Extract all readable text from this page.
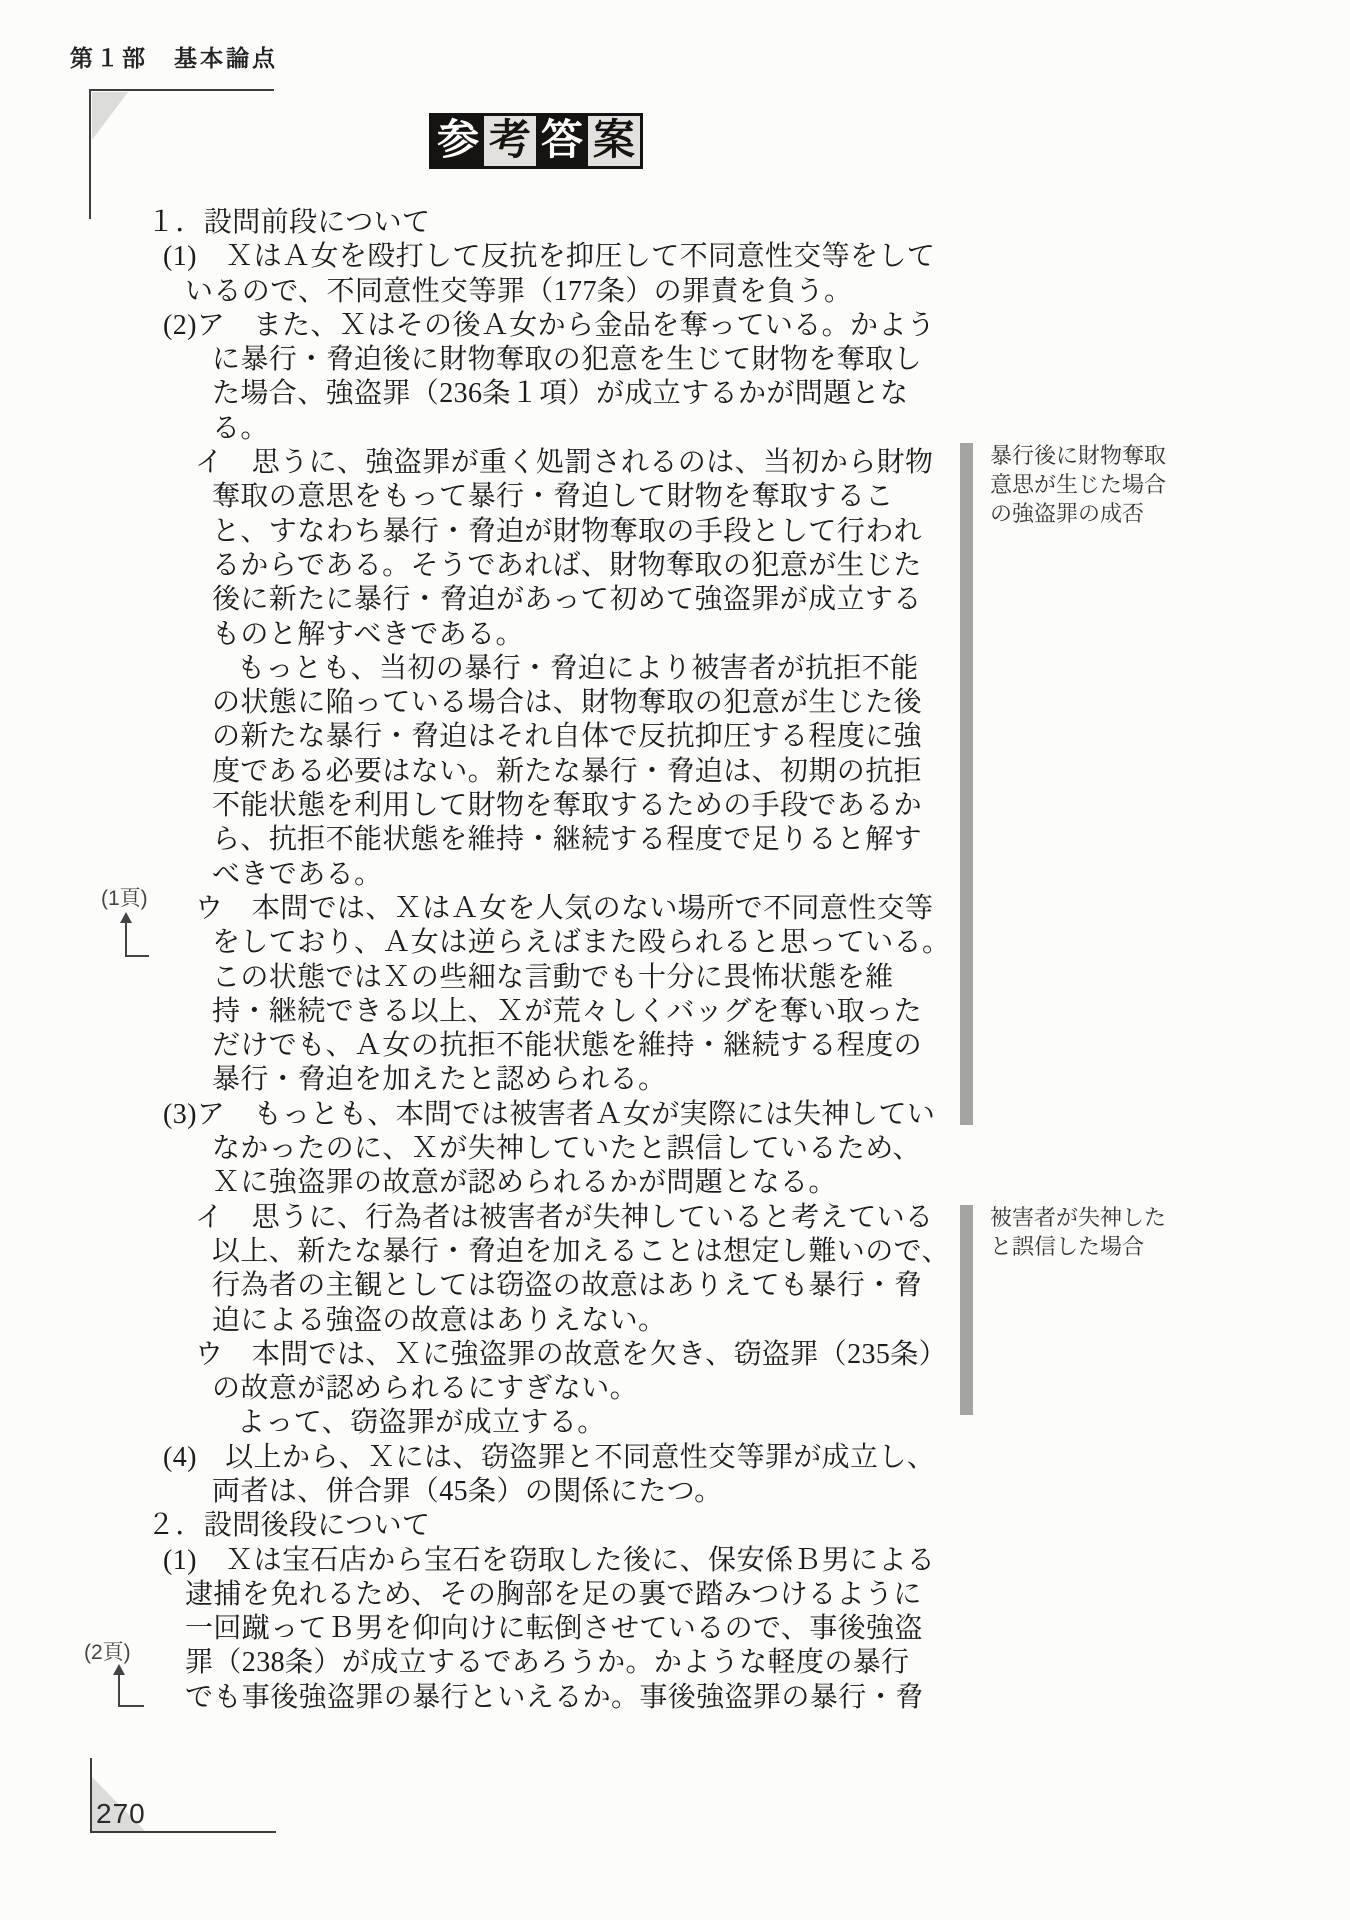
第１部　基本論点
参 考 答 案
１．設問前段について
(1)　ＸはＡ女を殴打して反抗を抑圧して不同意性交等をして
いるので、不同意性交等罪（177条）の罪責を負う。
(2)ア　また、Ｘはその後Ａ女から金品を奪っている。かよう
に暴行・脅迫後に財物奪取の犯意を生じて財物を奪取し
た場合、強盗罪（236条１項）が成立するかが問題とな
る。
イ　思うに、強盗罪が重く処罰されるのは、当初から財物
奪取の意思をもって暴行・脅迫して財物を奪取するこ
と、すなわち暴行・脅迫が財物奪取の手段として行われ
るからである。そうであれば、財物奪取の犯意が生じた
後に新たに暴行・脅迫があって初めて強盗罪が成立する
ものと解すべきである。
もっとも、当初の暴行・脅迫により被害者が抗拒不能
の状態に陥っている場合は、財物奪取の犯意が生じた後
の新たな暴行・脅迫はそれ自体で反抗抑圧する程度に強
度である必要はない。新たな暴行・脅迫は、初期の抗拒
不能状態を利用して財物を奪取するための手段であるか
ら、抗拒不能状態を維持・継続する程度で足りると解す
べきである。
ウ　本問では、ＸはＡ女を人気のない場所で不同意性交等
をしており、Ａ女は逆らえばまた殴られると思っている。
この状態ではＸの些細な言動でも十分に畏怖状態を維
持・継続できる以上、Ｘが荒々しくバッグを奪い取った
だけでも、Ａ女の抗拒不能状態を維持・継続する程度の
暴行・脅迫を加えたと認められる。
(3)ア　もっとも、本問では被害者Ａ女が実際には失神してい
なかったのに、Ｘが失神していたと誤信しているため、
Ｘに強盗罪の故意が認められるかが問題となる。
イ　思うに、行為者は被害者が失神していると考えている
以上、新たな暴行・脅迫を加えることは想定し難いので、
行為者の主観としては窃盗の故意はありえても暴行・脅
迫による強盗の故意はありえない。
ウ　本問では、Ｘに強盗罪の故意を欠き、窃盗罪（235条）
の故意が認められるにすぎない。
よって、窃盗罪が成立する。
(4)　以上から、Ｘには、窃盗罪と不同意性交等罪が成立し、
両者は、併合罪（45条）の関係にたつ。
２．設問後段について
(1)　Ｘは宝石店から宝石を窃取した後に、保安係Ｂ男による
逮捕を免れるため、その胸部を足の裏で踏みつけるように
一回蹴ってＢ男を仰向けに転倒させているので、事後強盗
罪（238条）が成立するであろうか。かような軽度の暴行
でも事後強盗罪の暴行といえるか。事後強盗罪の暴行・脅
暴行後に財物奪取
意思が生じた場合
の強盗罪の成否
被害者が失神した
と誤信した場合
(1頁)
(2頁)
270
